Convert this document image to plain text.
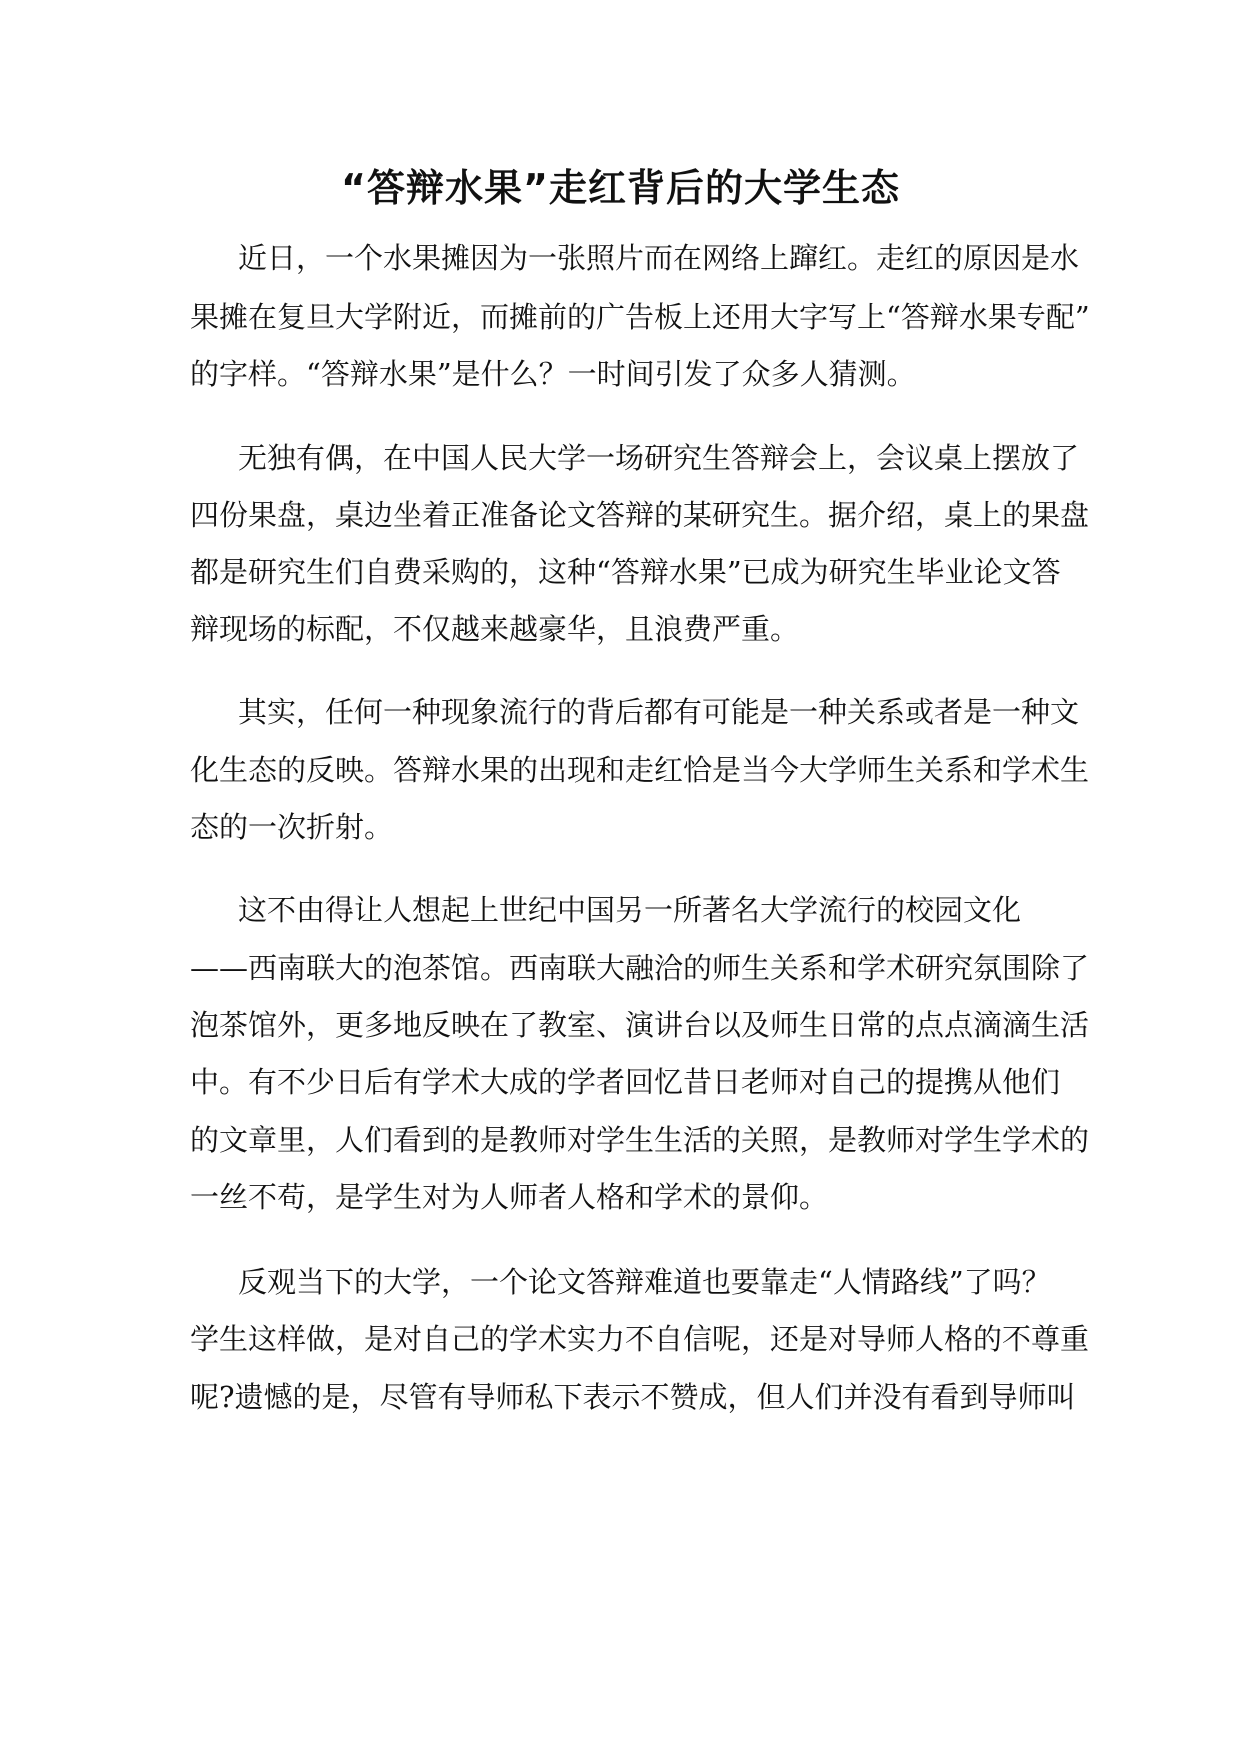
“答辩水果”走红背后的大学生态

近日，一个水果摊因为一张照片而在网络上蹿红。走红的原因是水

果摊在复旦大学附近，而摊前的广告板上还用大字写上“答辩水果专配”

的字样。“答辩水果”是什么？一时间引发了众多人猜测。

无独有偶，在中国人民大学一场研究生答辩会上，会议桌上摆放了

四份果盘，桌边坐着正准备论文答辩的某研究生。据介绍，桌上的果盘

都是研究生们自费采购的，这种“答辩水果”已成为研究生毕业论文答

辩现场的标配，不仅越来越豪华，且浪费严重。

其实，任何一种现象流行的背后都有可能是一种关系或者是一种文

化生态的反映。答辩水果的出现和走红恰是当今大学师生关系和学术生

态的一次折射。

这不由得让人想起上世纪中国另一所著名大学流行的校园文化

——西南联大的泡茶馆。西南联大融洽的师生关系和学术研究氛围除了

泡茶馆外，更多地反映在了教室、演讲台以及师生日常的点点滴滴生活

中。有不少日后有学术大成的学者回忆昔日老师对自己的提携从他们

的文章里，人们看到的是教师对学生生活的关照，是教师对学生学术的

一丝不苟，是学生对为人师者人格和学术的景仰。

反观当下的大学，一个论文答辩难道也要靠走“人情路线”了吗？

学生这样做，是对自己的学术实力不自信呢，还是对导师人格的不尊重

呢?遗憾的是，尽管有导师私下表示不赞成，但人们并没有看到导师叫
